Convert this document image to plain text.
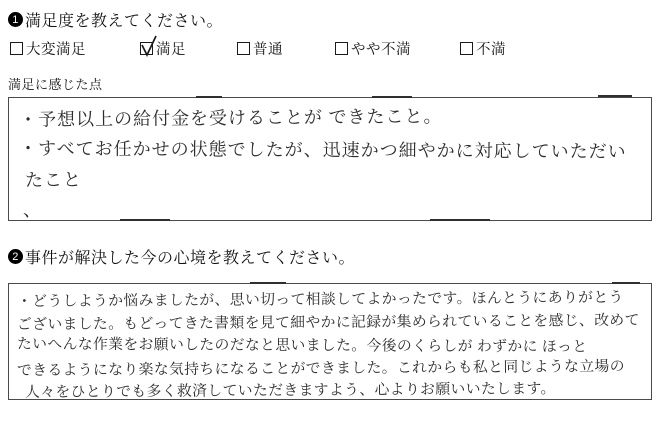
1 満足度を教えてください。
大変満足	満足	普通	やや不満	不満
満足に感じた点
・予想以上の給付金を受けることが できたこと。
・すべてお任かせの状態でしたが、迅速かつ細やかに対応していただい
たこと
、
2 事件が解決した今の心境を教えてください。
・どうしようか悩みましたが、思い切って相談してよかったです。ほんとうにありがとう
ございました。もどってきた書類を見て細やかに記録が集められていることを感じ、改めて
たいへんな作業をお願いしたのだなと思いました。今後のくらしが わずかに ほっと
できるようになり楽な気持ちになることができました。これからも私と同じような立場の
人々をひとりでも多く救済していただきますよう、心よりお願いいたします。
